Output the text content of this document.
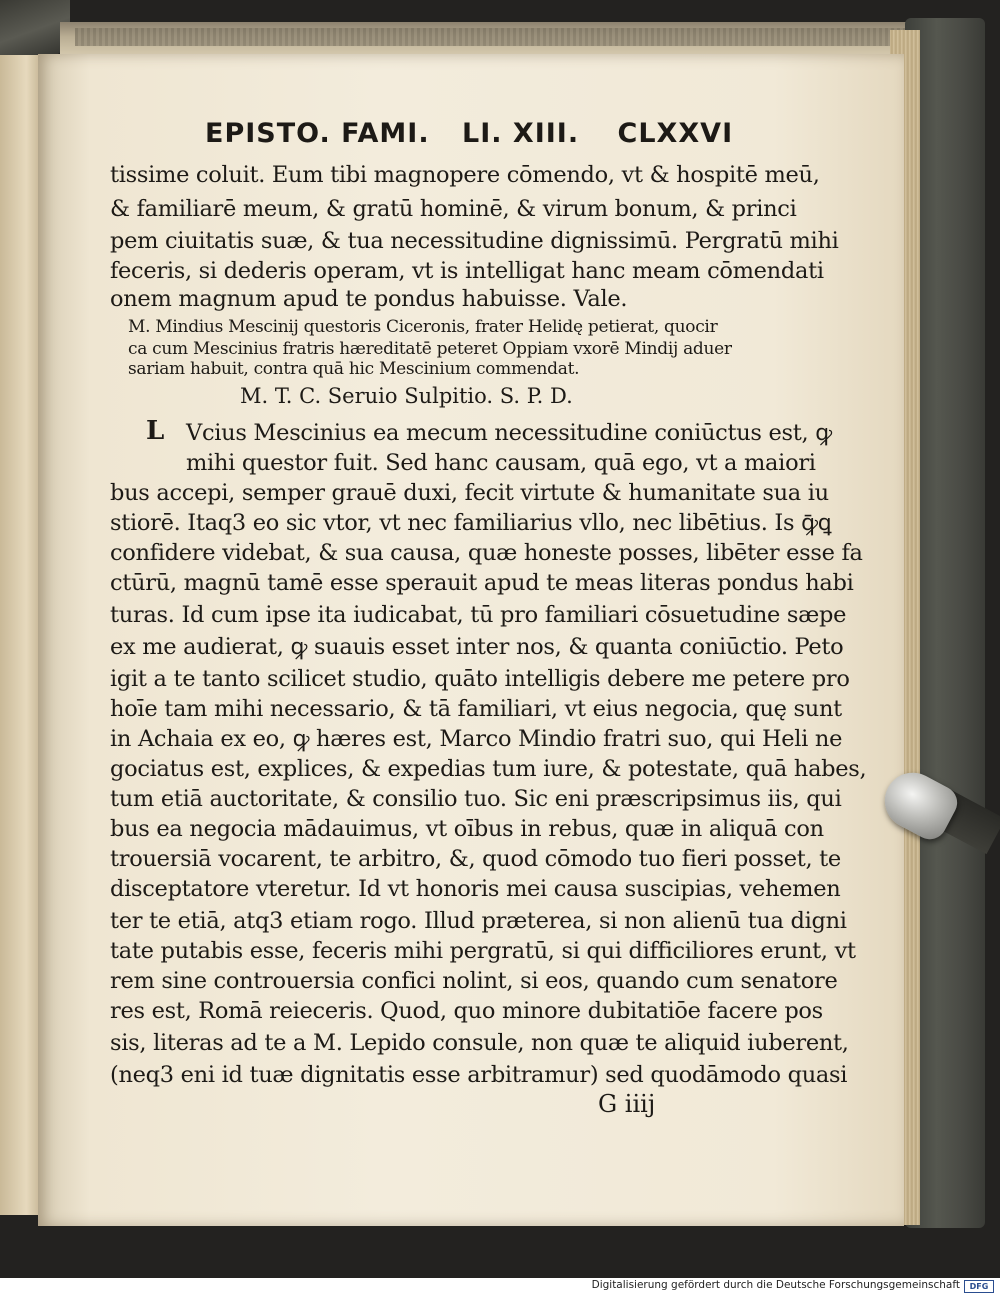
EPISTO. FAMI. LI. XIII. CLXXVI
tissime coluit. Eum tibi magnopere cōmendo, vt & hospitē meū,
& familiarē meum, & gratū hominē, & virum bonum, & princi
pem ciuitatis suæ, & tua necessitudine dignissimū. Pergratū mihi
feceris, si dederis operam, vt is intelligat hanc meam cōmendati
onem magnum apud te pondus habuisse. Vale.
M. Mindius Mescinij questoris Ciceronis, frater Helidę petierat, quocir
ca cum Mescinius fratris hæreditatē peteret Oppiam vxorē Mindij aduer
sariam habuit, contra quā hic Mescinium commendat.
M. T. C. Seruio Sulpitio. S. P. D.
L Vcius Mescinius ea mecum necessitudine coniūctus est, ꝙ
mihi questor fuit. Sed hanc causam, quā ego, vt a maiori
bus accepi, semper grauē duxi, fecit virtute & humanitate sua iu
stiorē. Itaq3 eo sic vtor, vt nec familiarius vllo, nec libētius. Is ꝙ̄ꝗ
confidere videbat, & sua causa, quæ honeste posses, libēter esse fa
ctūrū, magnū tamē esse sperauit apud te meas literas pondus habi
turas. Id cum ipse ita iudicabat, tū pro familiari cōsuetudine sæpe
ex me audierat, ꝙ suauis esset inter nos, & quanta coniūctio. Peto
igit a te tanto scilicet studio, quāto intelligis debere me petere pro
hoīe tam mihi necessario, & tā familiari, vt eius negocia, quę sunt
in Achaia ex eo, ꝙ hæres est, Marco Mindio fratri suo, qui Heli ne
gociatus est, explices, & expedias tum iure, & potestate, quā habes,
tum etiā auctoritate, & consilio tuo. Sic eni præscripsimus iis, qui
bus ea negocia mādauimus, vt oībus in rebus, quæ in aliquā con
trouersiā vocarent, te arbitro, &, quod cōmodo tuo fieri posset, te
disceptatore vteretur. Id vt honoris mei causa suscipias, vehemen
ter te etiā, atq3 etiam rogo. Illud præterea, si non alienū tua digni
tate putabis esse, feceris mihi pergratū, si qui difficiliores erunt, vt
rem sine controuersia confici nolint, si eos, quando cum senatore
res est, Romā reieceris. Quod, quo minore dubitatiōe facere pos
sis, literas ad te a M. Lepido consule, non quæ te aliquid iuberent,
(neq3 eni id tuæ dignitatis esse arbitramur) sed quodāmodo quasi
G iiij
Digitalisierung gefördert durch die Deutsche Forschungsgemeinschaft	DFG
